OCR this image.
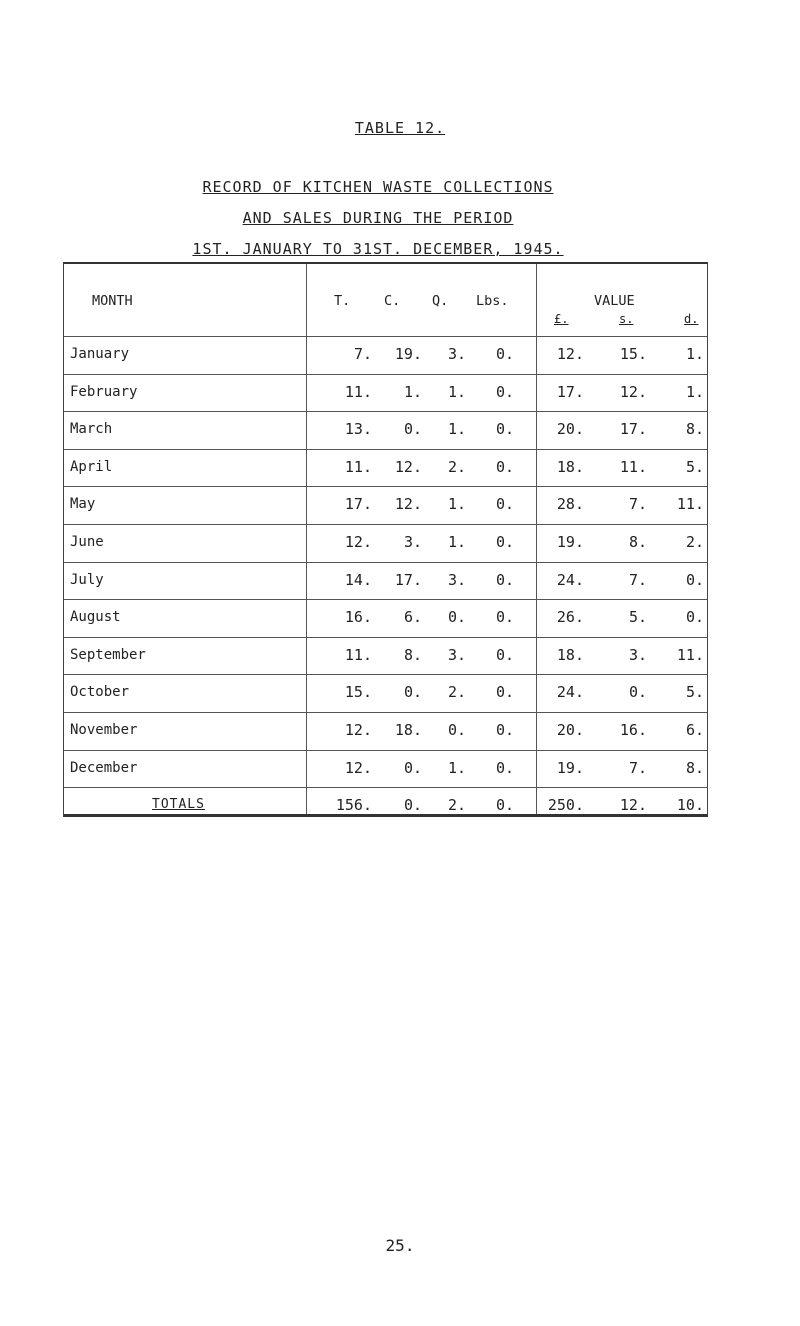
TABLE 12.
RECORD OF KITCHEN WASTE COLLECTIONS
AND SALES DURING THE PERIOD
1ST. JANUARY TO 31ST. DECEMBER, 1945.
MONTH	T. C. Q. Lbs.	VALUE
£.	s.	d.
January	7.	19.	3.	0.	12.	15.	1.
February	11.	1.	1.	0.	17.	12.	1.
March	13.	0.	1.	0.	20.	17.	8.
April	11.	12.	2.	0.	18.	11.	5.
May	17.	12.	1.	0.	28.	7.	11.
June	12.	3.	1.	0.	19.	8.	2.
July	14.	17.	3.	0.	24.	7.	0.
August	16.	6.	0.	0.	26.	5.	0.
September	11.	8.	3.	0.	18.	3.	11.
October	15.	0.	2.	0.	24.	0.	5.
November	12.	18.	0.	0.	20.	16.	6.
December	12.	0.	1.	0.	19.	7.	8.
TOTALS	156.	0.	2.	0.	250.	12.	10.
25.
